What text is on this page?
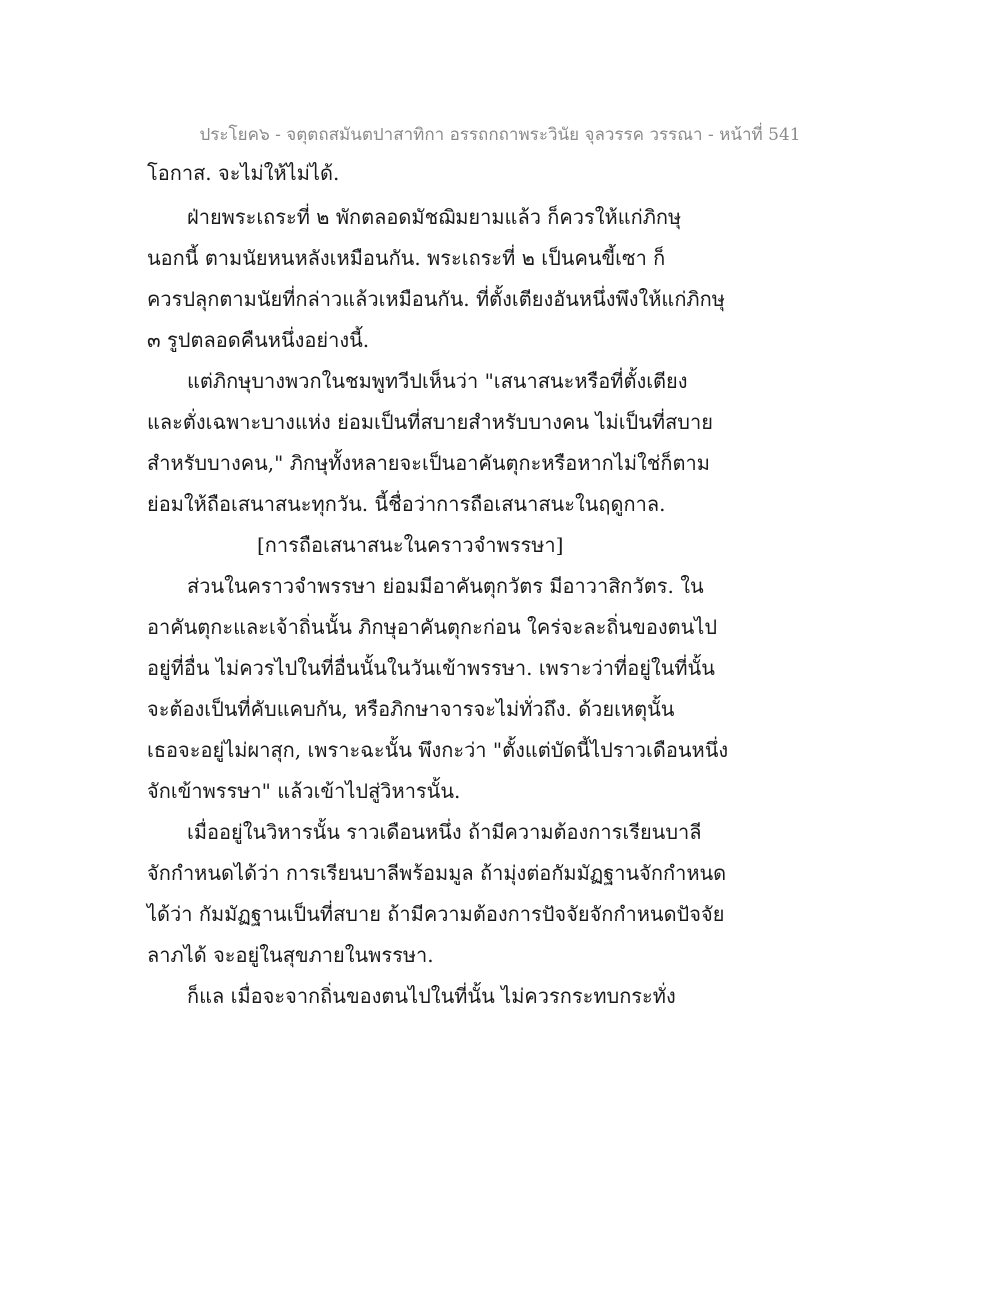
ประโยค๖ - จตุตถสมันตปาสาทิกา อรรถกถาพระวินัย จุลวรรค วรรณา - หน้าที่ 541
โอกาส. จะไม่ให้ไม่ได้.
ฝ่ายพระเถระที่ ๒ พักตลอดมัชฌิมยามแล้ว ก็ควรให้แก่ภิกษุ
นอกนี้ ตามนัยหนหลังเหมือนกัน. พระเถระที่ ๒ เป็นคนขี้เซา ก็
ควรปลุกตามนัยที่กล่าวแล้วเหมือนกัน. ที่ตั้งเตียงอันหนึ่งพึงให้แก่ภิกษุ
๓ รูปตลอดคืนหนึ่งอย่างนี้.
แต่ภิกษุบางพวกในชมพูทวีปเห็นว่า "เสนาสนะหรือที่ตั้งเตียง
และตั่งเฉพาะบางแห่ง ย่อมเป็นที่สบายสำหรับบางคน ไม่เป็นที่สบาย
สำหรับบางคน," ภิกษุทั้งหลายจะเป็นอาคันตุกะหรือหากไม่ใช่ก็ตาม
ย่อมให้ถือเสนาสนะทุกวัน. นี้ชื่อว่าการถือเสนาสนะในฤดูกาล.
[การถือเสนาสนะในคราวจำพรรษา]
ส่วนในคราวจำพรรษา ย่อมมีอาคันตุกวัตร มีอาวาสิกวัตร. ใน
อาคันตุกะและเจ้าถิ่นนั้น ภิกษุอาคันตุกะก่อน ใคร่จะละถิ่นของตนไป
อยู่ที่อื่น ไม่ควรไปในที่อื่นนั้นในวันเข้าพรรษา. เพราะว่าที่อยู่ในที่นั้น
จะต้องเป็นที่คับแคบกัน, หรือภิกษาจารจะไม่ทั่วถึง. ด้วยเหตุนั้น
เธอจะอยู่ไม่ผาสุก, เพราะฉะนั้น พึงกะว่า "ตั้งแต่บัดนี้ไปราวเดือนหนึ่ง
จักเข้าพรรษา" แล้วเข้าไปสู่วิหารนั้น.
เมื่ออยู่ในวิหารนั้น ราวเดือนหนึ่ง ถ้ามีความต้องการเรียนบาลี
จักกำหนดได้ว่า การเรียนบาลีพร้อมมูล ถ้ามุ่งต่อกัมมัฏฐานจักกำหนด
ได้ว่า กัมมัฏฐานเป็นที่สบาย ถ้ามีความต้องการปัจจัยจักกำหนดปัจจัย
ลาภได้ จะอยู่ในสุขภายในพรรษา.
ก็แล เมื่อจะจากถิ่นของตนไปในที่นั้น ไม่ควรกระทบกระทั่ง
